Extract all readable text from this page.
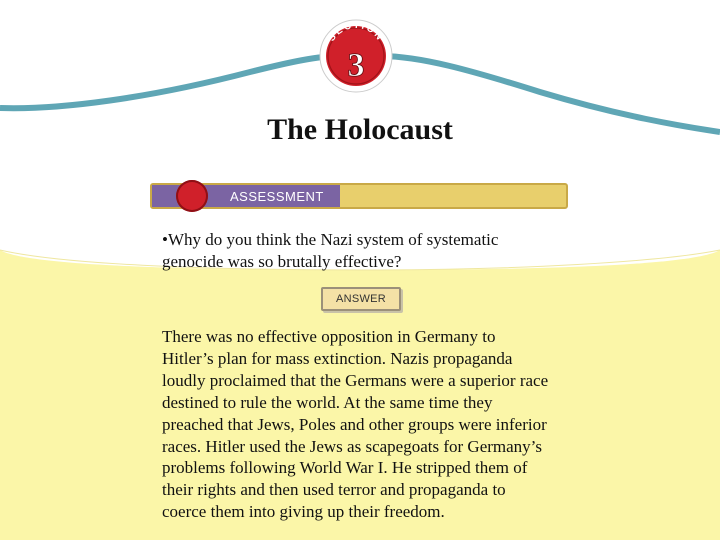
SECTION
3
The Holocaust
ASSESSMENT
•Why do you think the Nazi system of systematic
genocide was so brutally effective?
ANSWER
There was no effective opposition in Germany to
Hitler’s plan for mass extinction. Nazis propaganda
loudly proclaimed that the Germans were a superior race
destined to rule the world. At the same time they
preached that Jews, Poles and other groups were inferior
races. Hitler used the Jews as scapegoats for Germany’s
problems following World War I. He stripped them of
their rights and then used terror and propaganda to
coerce them into giving up their freedom.
